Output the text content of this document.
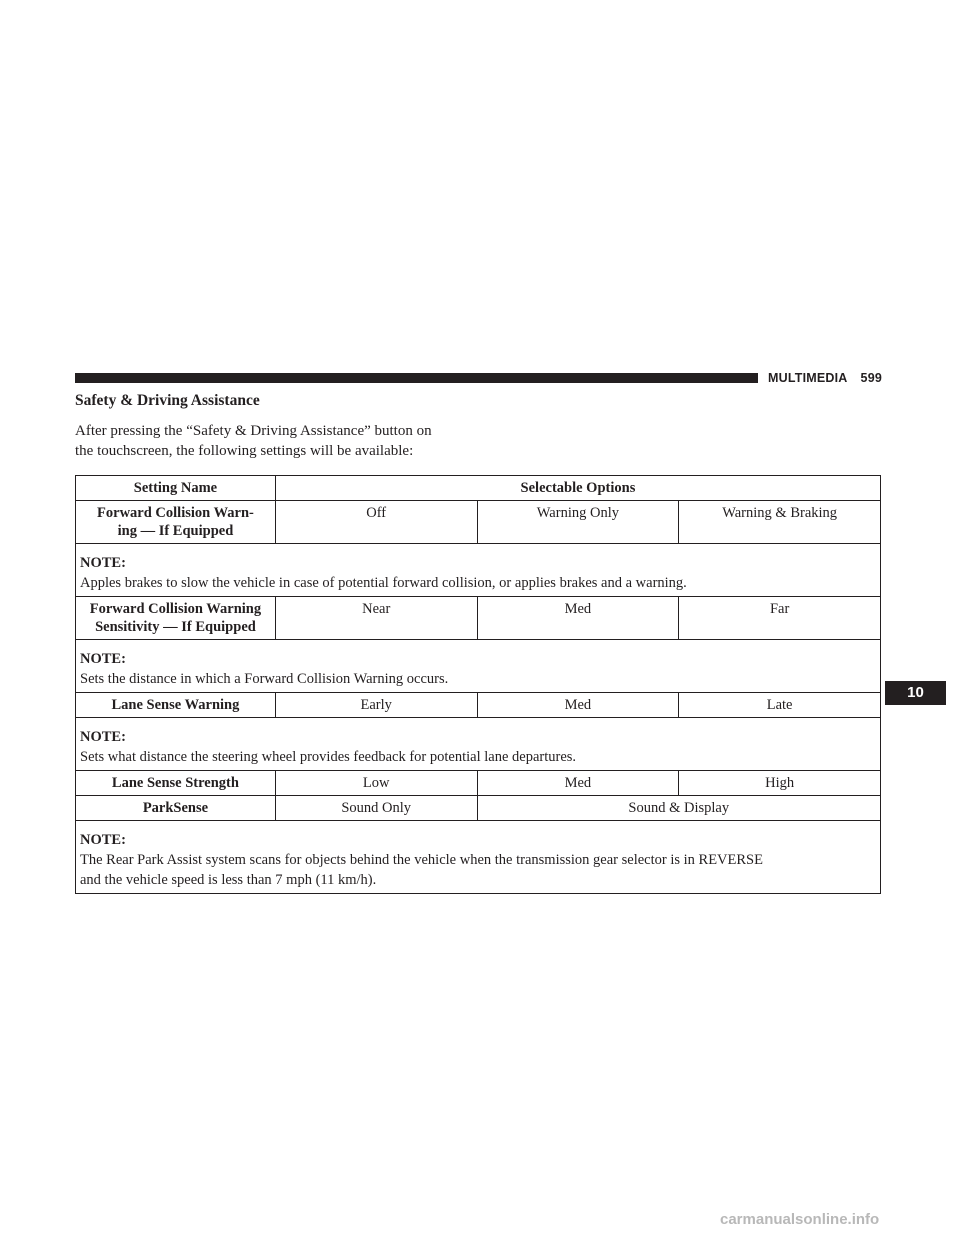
MULTIMEDIA 599
Safety & Driving Assistance
After pressing the “Safety & Driving Assistance” button on
the touchscreen, the following settings will be available:
Setting Name	Selectable Options		

Forward Collision Warn-
ing — If Equipped	Off	Warning Only	Warning & Braking

NOTE:
Apples brakes to slow the vehicle in case of potential forward collision, or applies brakes and a warning.			

Forward Collision Warning
Sensitivity — If Equipped	Near	Med	Far

NOTE:
Sets the distance in which a Forward Collision Warning occurs.			
Lane Sense Warning	Early	Med	Late

NOTE:
Sets what distance the steering wheel provides feedback for potential lane departures.			
Lane Sense Strength	Low	Med	High
ParkSense	Sound Only	Sound & Display	

NOTE:
The Rear Park Assist system scans for objects behind the vehicle when the transmission gear selector is in REVERSE
and the vehicle speed is less than 7 mph (11 km/h).			
10
carmanualsonline.info
